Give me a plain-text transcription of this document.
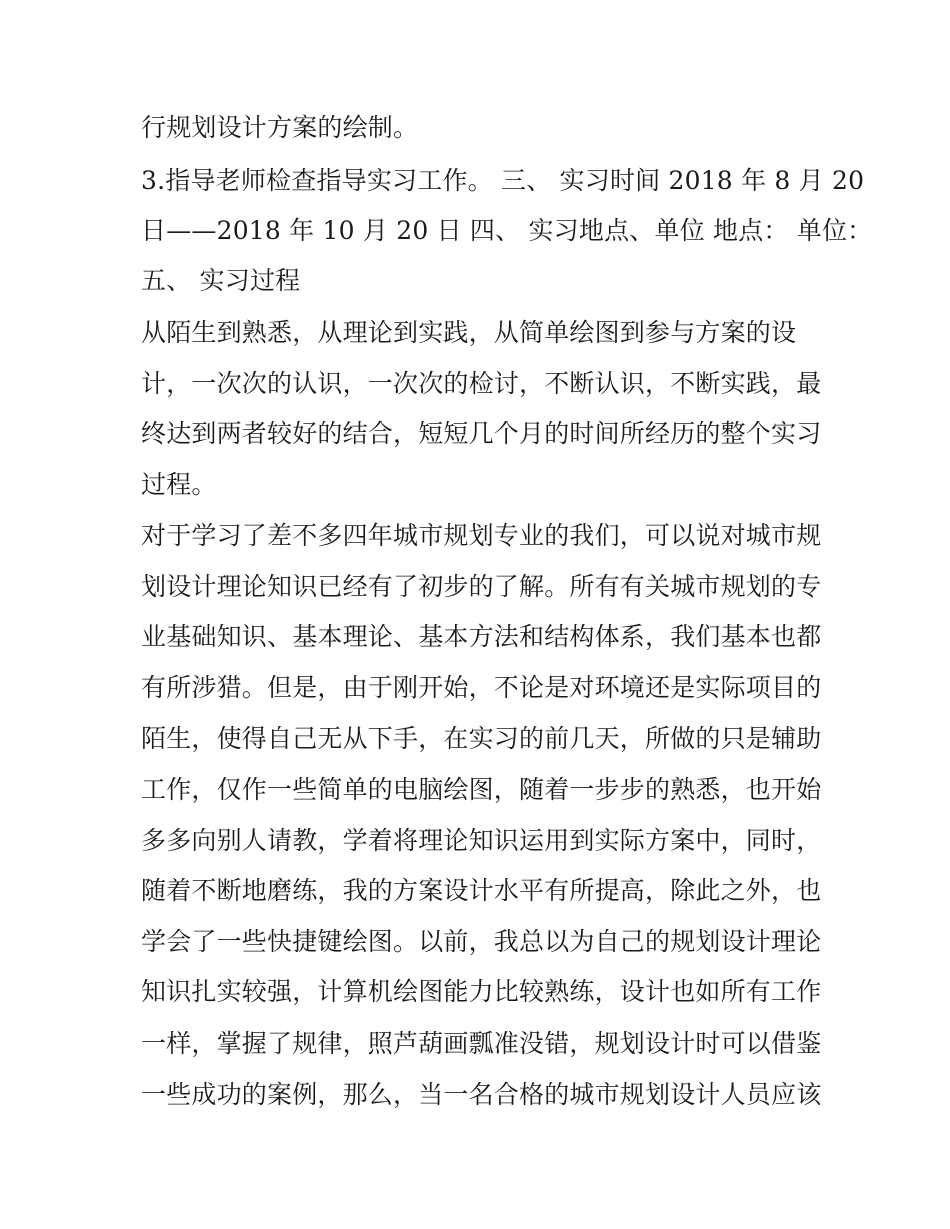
行规划设计方案的绘制。
3.指导老师检查指导实习工作。 三、 实习时间 2018 年 8 月 20
日——2018 年 10 月 20 日 四、 实习地点、单位 地点： 单位：
五、 实习过程
从陌生到熟悉，从理论到实践，从简单绘图到参与方案的设
计，一次次的认识，一次次的检讨，不断认识，不断实践，最
终达到两者较好的结合，短短几个月的时间所经历的整个实习
过程。
对于学习了差不多四年城市规划专业的我们，可以说对城市规
划设计理论知识已经有了初步的了解。所有有关城市规划的专
业基础知识、基本理论、基本方法和结构体系，我们基本也都
有所涉猎。但是，由于刚开始，不论是对环境还是实际项目的
陌生，使得自己无从下手，在实习的前几天，所做的只是辅助
工作，仅作一些简单的电脑绘图，随着一步步的熟悉，也开始
多多向别人请教，学着将理论知识运用到实际方案中，同时，
随着不断地磨练，我的方案设计水平有所提高，除此之外，也
学会了一些快捷键绘图。以前，我总以为自己的规划设计理论
知识扎实较强，计算机绘图能力比较熟练，设计也如所有工作
一样，掌握了规律，照芦葫画瓢准没错，规划设计时可以借鉴
一些成功的案例，那么，当一名合格的城市规划设计人员应该
